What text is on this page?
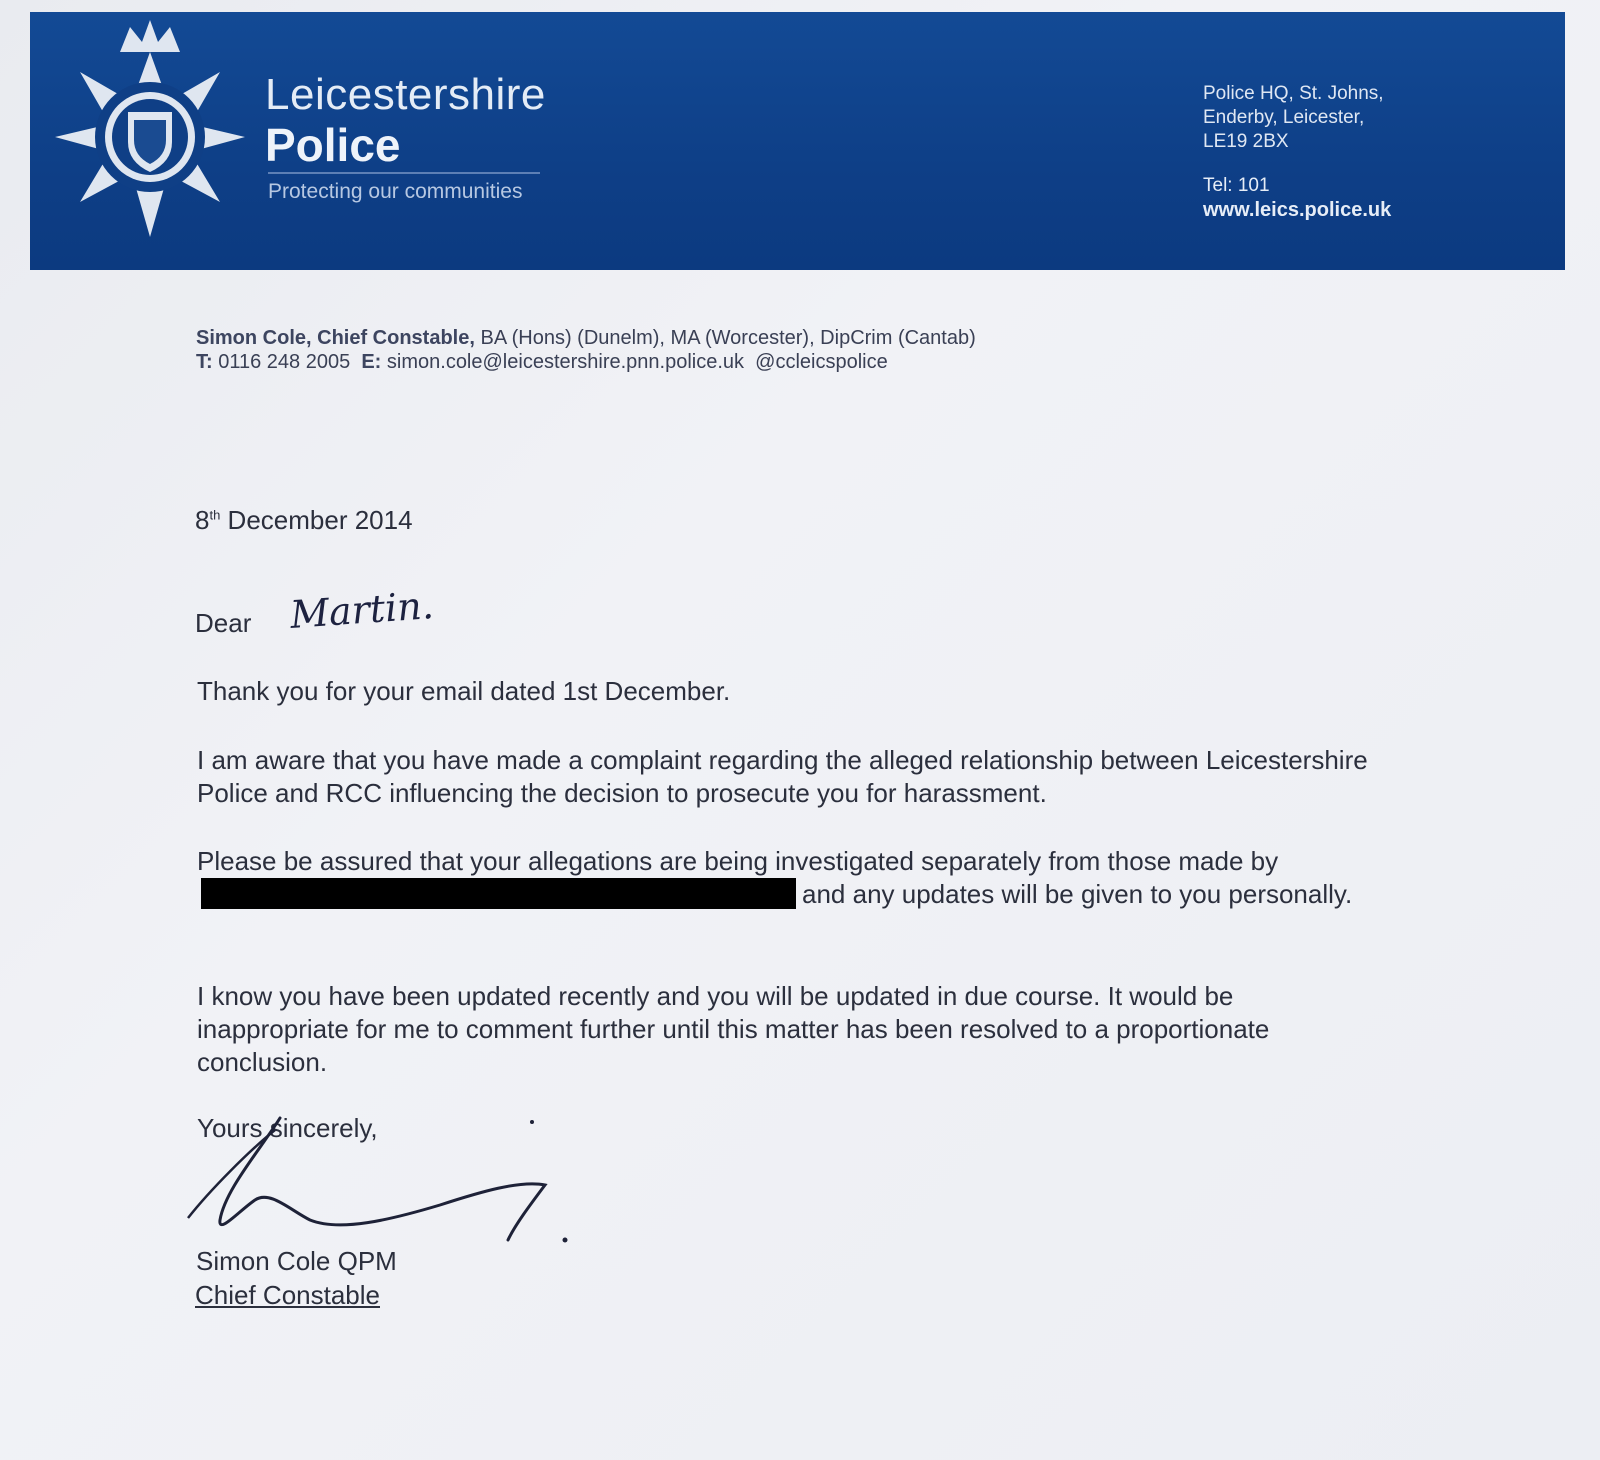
Leicestershire
Police
Protecting our communities
Police HQ, St. Johns,
Enderby, Leicester,
LE19 2BX
Tel: 101
www.leics.police.uk
Simon Cole, Chief Constable, BA (Hons) (Dunelm), MA (Worcester), DipCrim (Cantab)
T: 0116 248 2005 E: simon.cole@leicestershire.pnn.police.uk @ccleicspolice
8th December 2014
Dear Martin.
Thank you for your email dated 1st December.
I am aware that you have made a complaint regarding the alleged relationship between Leicestershire Police and RCC influencing the decision to prosecute you for harassment.
Please be assured that your allegations are being investigated separately from those made byand any updates will be given to you personally.
I know you have been updated recently and you will be updated in due course. It would be inappropriate for me to comment further until this matter has been resolved to a proportionate conclusion.
Yours sincerely,
Simon Cole QPM
Chief Constable
